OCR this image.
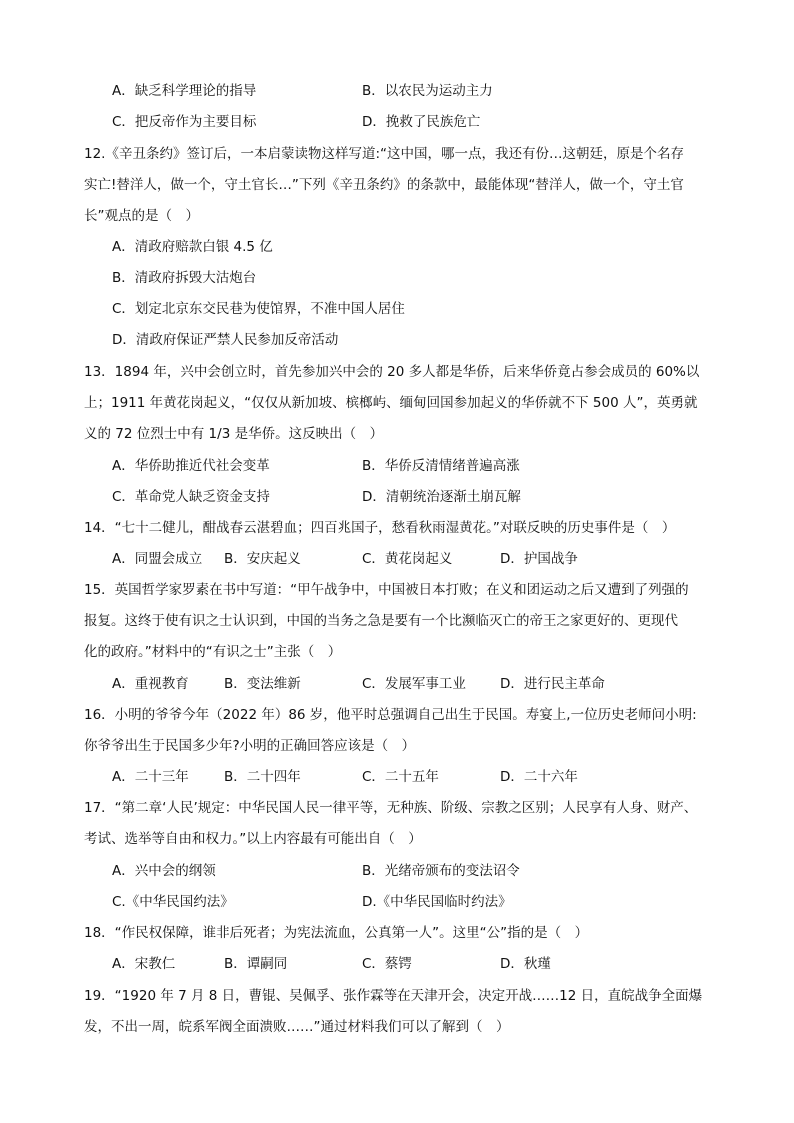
A．缺乏科学理论的指导	B．以农民为运动主力
C．把反帝作为主要目标	D．挽救了民族危亡
12.《辛丑条约》签订后，一本启蒙读物这样写道:“这中国，哪一点，我还有份…这朝廷，原是个名存
实亡!替洋人，做一个，守土官长…”下列《辛丑条约》的条款中，最能体现“替洋人，做一个，守土官
长”观点的是（　）
A．清政府赔款白银 4.5 亿
B．清政府拆毁大沽炮台
C．划定北京东交民巷为使馆界，不准中国人居住
D．清政府保证严禁人民参加反帝活动
13．1894 年，兴中会创立时，首先参加兴中会的 20 多人都是华侨，后来华侨竟占参会成员的 60%以
上；1911 年黄花岗起义，“仅仅从新加坡、槟榔屿、缅甸回国参加起义的华侨就不下 500 人”，英勇就
义的 72 位烈士中有 1/3 是华侨。这反映出（　）
A．华侨助推近代社会变革	B．华侨反清情绪普遍高涨
C．革命党人缺乏资金支持	D．清朝统治逐渐土崩瓦解
14．“七十二健儿，酣战春云湛碧血；四百兆国子，愁看秋雨湿黄花。”对联反映的历史事件是（　）
A．同盟会成立 B．安庆起义	C．黄花岗起义	D．护国战争
15．英国哲学家罗素在书中写道：“甲午战争中，中国被日本打败；在义和团运动之后又遭到了列强的
报复。这终于使有识之士认识到，中国的当务之急是要有一个比濒临灭亡的帝王之家更好的、更现代
化的政府。”材料中的“有识之士”主张（　）
A．重视教育	B．变法维新	C．发展军事工业	D．进行民主革命
16．小明的爷爷今年（2022 年）86 岁，他平时总强调自己出生于民国。寿宴上,一位历史老师问小明:
你爷爷出生于民国多少年?小明的正确回答应该是（　）
A．二十三年	B．二十四年	C．二十五年	D．二十六年
17．“第二章‘人民’规定：中华民国人民一律平等，无种族、阶级、宗教之区别；人民享有人身、财产、
考试、选举等自由和权力。”以上内容最有可能出自（　）
A．兴中会的纲领	B．光绪帝颁布的变法诏令
C.《中华民国约法》	D.《中华民国临时约法》
18．“作民权保障，谁非后死者；为宪法流血，公真第一人”。这里“公”指的是（　）
A．宋教仁	B．谭嗣同	C．蔡锷	D．秋瑾
19．“1920 年 7 月 8 日，曹锟、吴佩孚、张作霖等在天津开会，决定开战……12 日，直皖战争全面爆
发，不出一周，皖系军阀全面溃败……”通过材料我们可以了解到（　）
